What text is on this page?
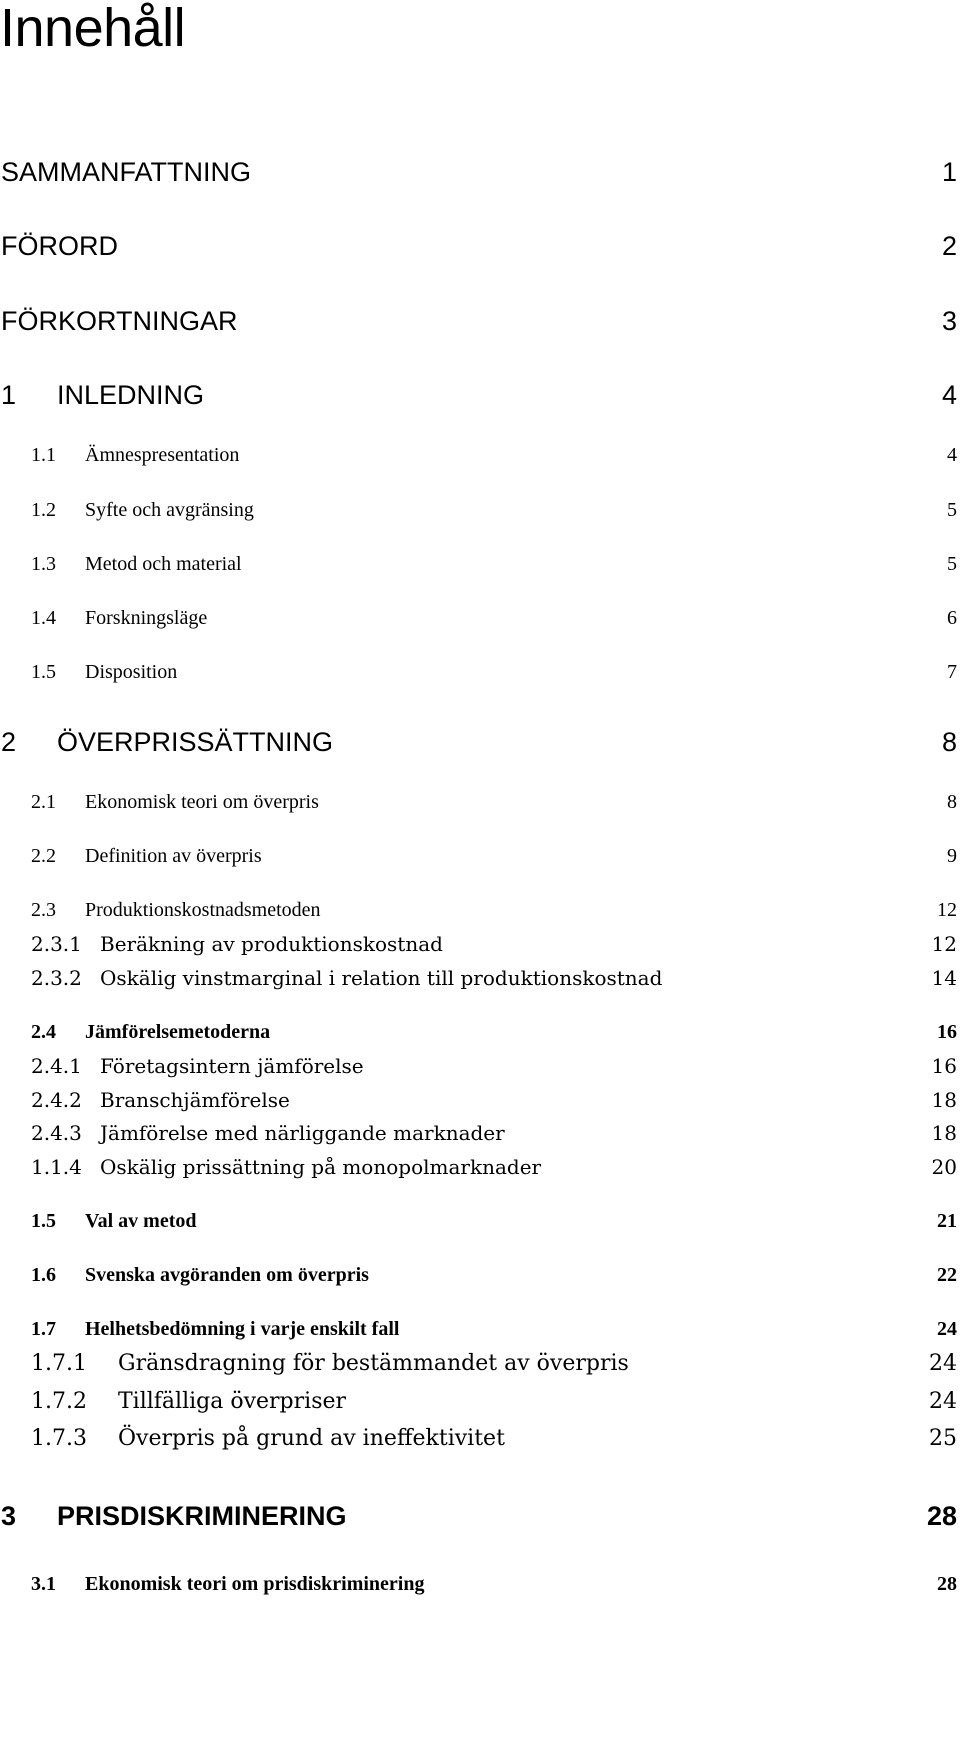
Innehåll
SAMMANFATTNING	1
FÖRORD	2
FÖRKORTNINGAR	3
1 INLEDNING	4
1.1 Ämnespresentation	4
1.2 Syfte och avgränsing	5
1.3 Metod och material	5
1.4 Forskningsläge	6
1.5 Disposition	7
2 ÖVERPRISSÄTTNING	8
2.1 Ekonomisk teori om överpris	8
2.2 Definition av överpris	9
2.3 Produktionskostnadsmetoden	12
2.3.1 Beräkning av produktionskostnad	12
2.3.2 Oskälig vinstmarginal i relation till produktionskostnad	14
2.4 Jämförelsemetoderna	16
2.4.1 Företagsintern jämförelse	16
2.4.2 Branschjämförelse	18
2.4.3 Jämförelse med närliggande marknader	18
1.1.4 Oskälig prissättning på monopolmarknader	20
1.5 Val av metod	21
1.6 Svenska avgöranden om överpris	22
1.7 Helhetsbedömning i varje enskilt fall	24
1.7.1 Gränsdragning för bestämmandet av överpris	24
1.7.2 Tillfälliga överpriser	24
1.7.3 Överpris på grund av ineffektivitet	25
3 PRISDISKRIMINERING	28
3.1 Ekonomisk teori om prisdiskriminering	28
